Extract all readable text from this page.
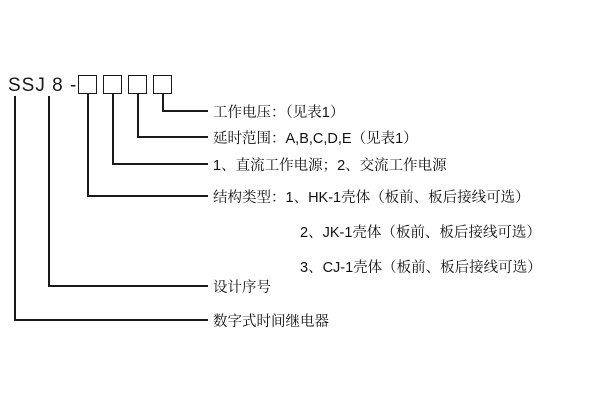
SSJ 8 -
工作电压：（见表1）
延时范围：A,B,C,D,E（见表1）
1、直流工作电源；2、交流工作电源
结构类型：1、HK-1壳体（板前、板后接线可选）
2、JK-1壳体（板前、板后接线可选）
3、CJ-1壳体（板前、板后接线可选）
设计序号
数字式时间继电器
